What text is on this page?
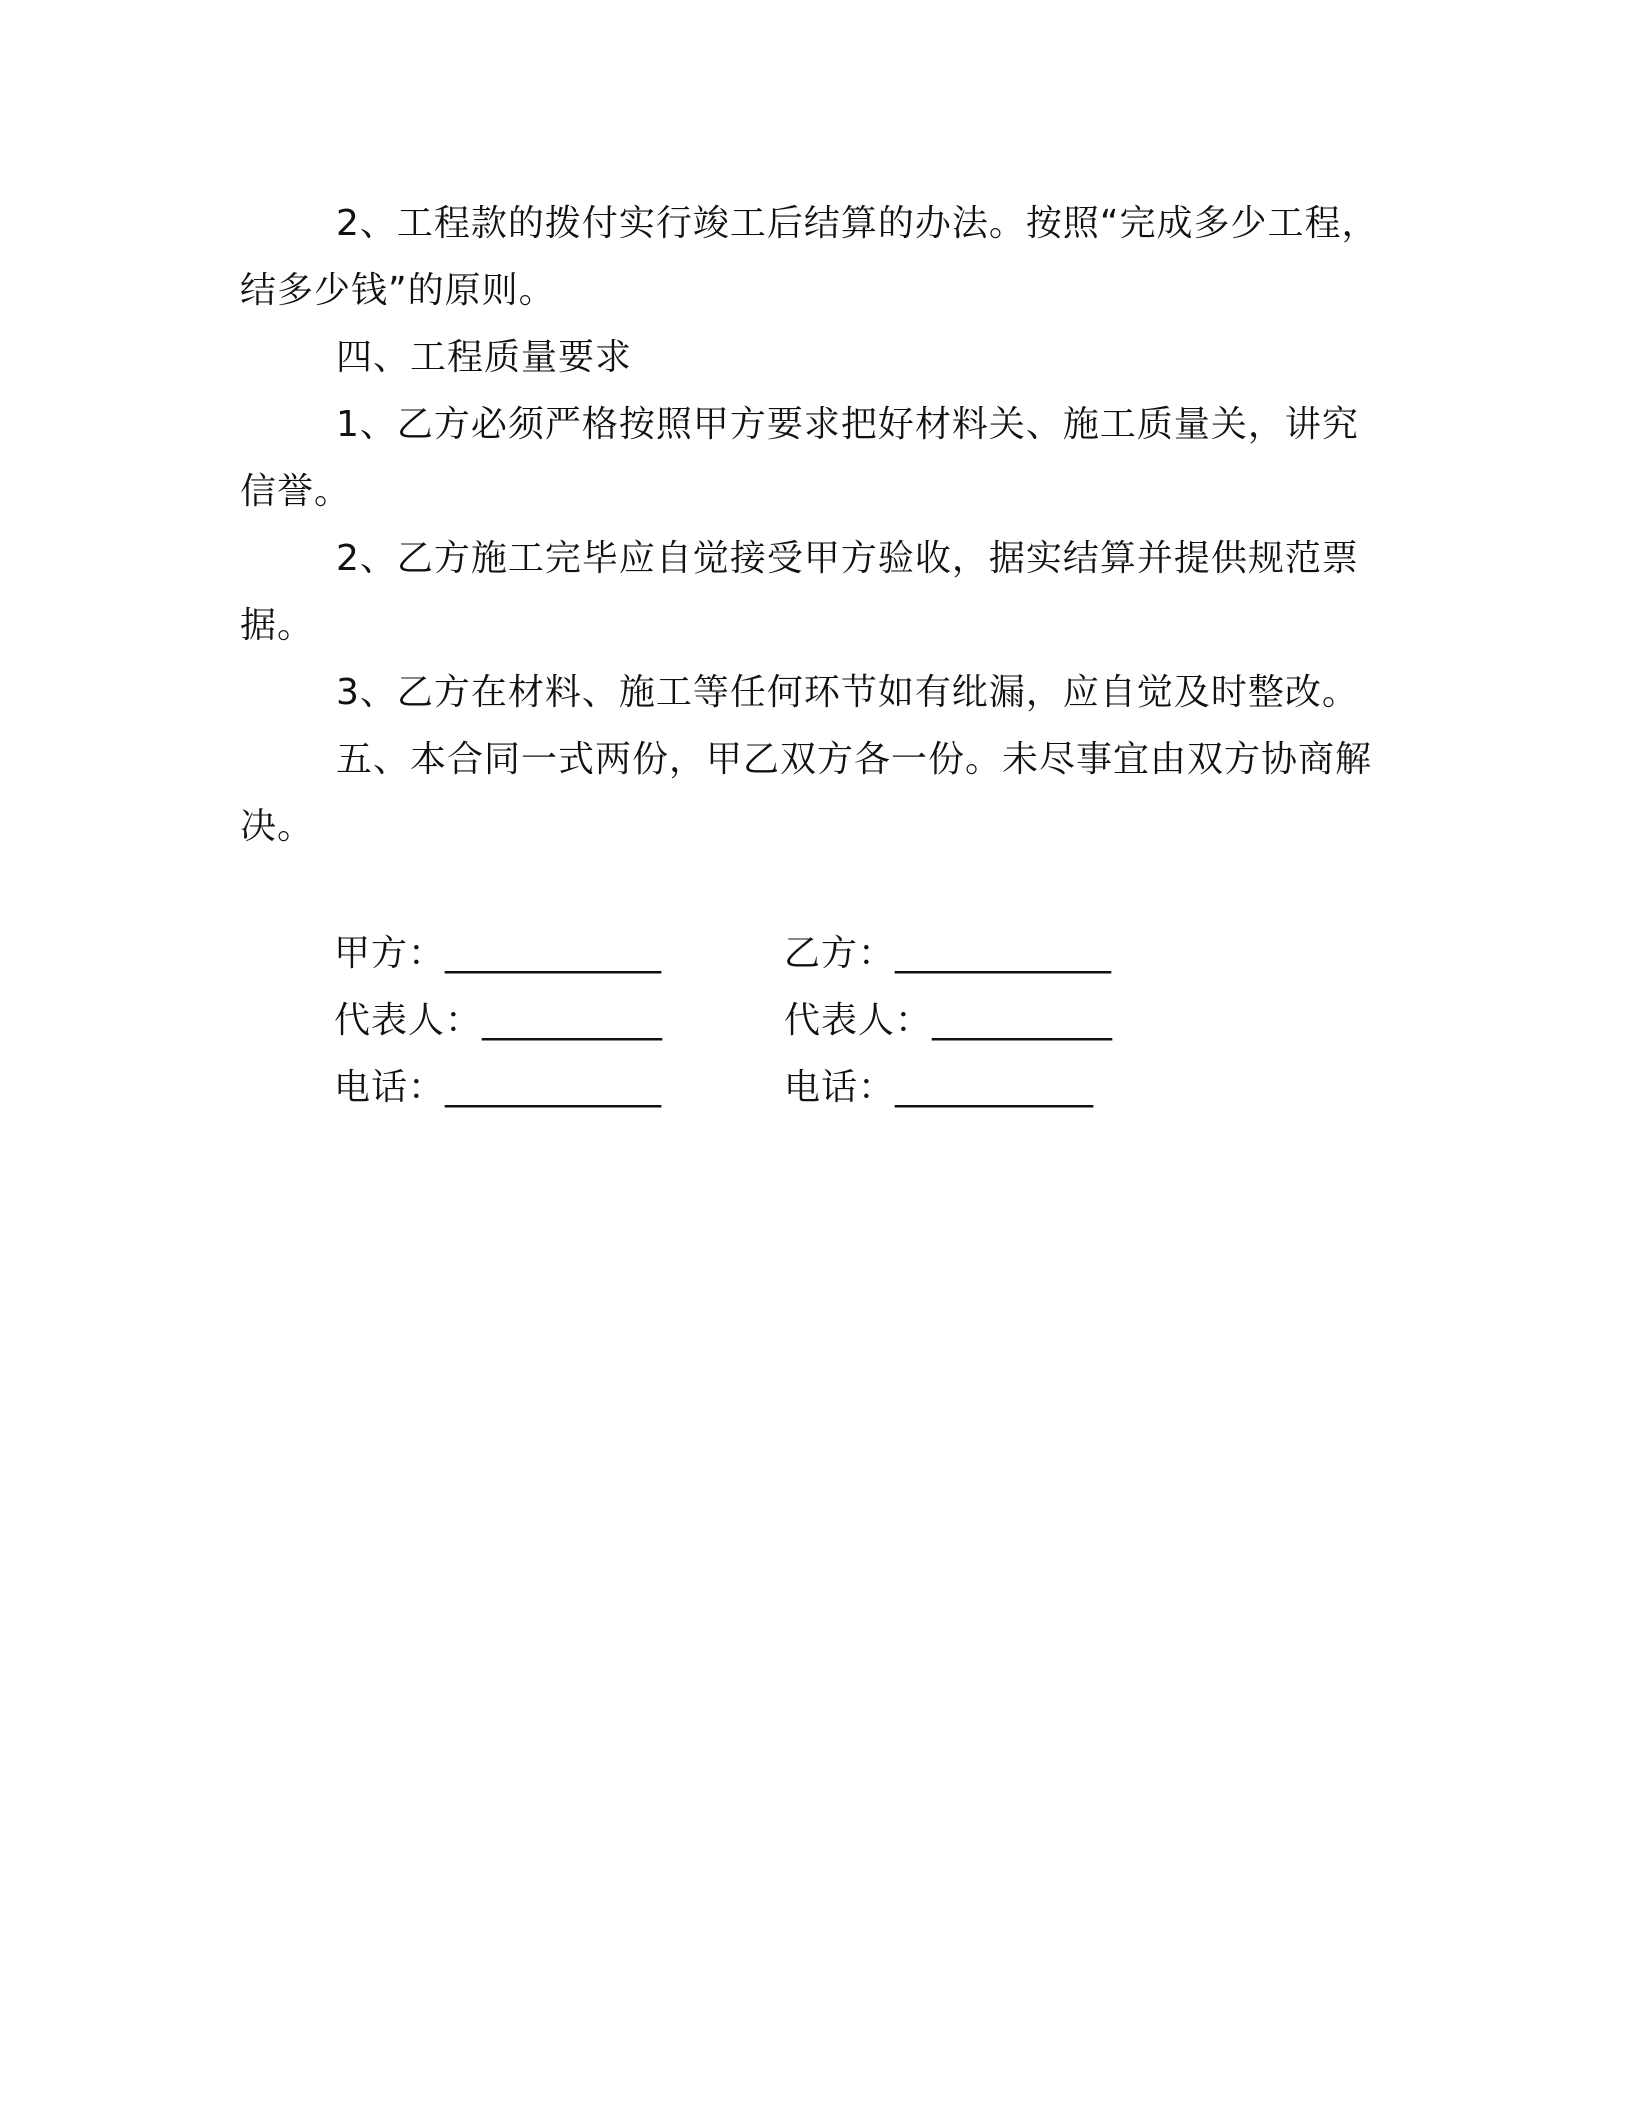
2、工程款的拨付实行竣工后结算的办法。按照“完成多少工程，结多少钱”的原则。

四、工程质量要求

1、乙方必须严格按照甲方要求把好材料关、施工质量关，讲究信誉。

2、乙方施工完毕应自觉接受甲方验收，据实结算并提供规范票据。

3、乙方在材料、施工等任何环节如有纰漏，应自觉及时整改。

五、本合同一式两份，甲乙双方各一份。未尽事宜由双方协商解决。

甲方：____________	乙方：____________
代表人：__________	代表人：__________
电话：____________	电话：___________
